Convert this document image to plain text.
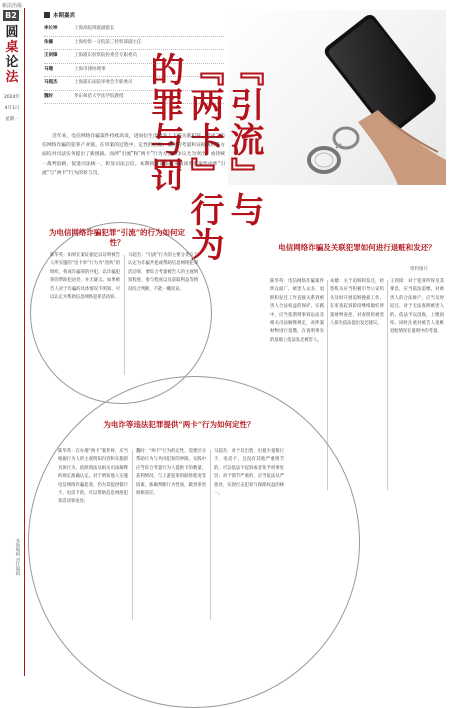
新法治报·
B2
圆
桌
论
法
2024年
4月1日
星期一
本版编辑 责任编辑
本期嘉宾
李长坤	上海高院刑庭副庭长
朱嫱	上海检察一分院第三检察部副主任
王剑锋	上海浦东检察院检委会专职委员
马珊	上海市律协理事
马超杰	上海浦东法院审委会专职委员
魏时	华东师范大学法学院教授
资料图片
『引流』与『两卡』行为的罪与罚
近年来，电信网络诈骗案件持续高发，进而衍生出诸多上下游关联犯罪，形成了电信网络诈骗的犯罪产业链。在审案的过程中，定性的把握，量刑的考量和证据规则等方面均对司法实务提出了新挑战。而涉“引流”和“两卡”行为方面的争议尤为突出，亟待统一裁判思路，促进司法统一，彰显司法公信。本期圆桌论法就来谈谈电诈案件中涉“引流”与“两卡”行为的罪与罚。
为电信网络诈骗犯罪“引流”的行为如何定性？
陈华英：如果在案证据足以证明被告人所实施的“送卡单”行为为“团伙”的组织，构成诈骗罪的共犯，以诈骗犯罪的帮助犯论处，并无疑义。如果被告人对于诈骗的具体情况不明知，可以认定为帮助信息网络犯罪活动罪。
马超杰：“引流”行为的主要分类在于认定为诈骗共犯或帮助信息网络犯罪活动罪，要综合考量被告人的主观明知程度、参与程度以及获取利益等情况综合判断，不能一概而论。
电信网络诈骗及关联犯罪如何进行退赃和发还？
陈华英：电信网络诈骗案件涉众面广，被害人众多，退赃和发还工作直接关系到被害人合法权益的保护。实践中，应当依照刑事诉讼法及相关司法解释规定，对涉案财物进行追缴，在查明事实的基础上依法发还被害人。
朱嫱：关于追赃和发还，检察机关应当积极引导公安机关及时开展追赃挽损工作，在审查起诉阶段继续做好涉案财物查控，对查明的被害人损失依法提出发还建议。
王剑锋：对于犯罪所得及其孳息，应当依法追缴，对被害人的合法财产，应当及时返还。对于无法查明被害人的，依法予以没收，上缴国库。同时注重对被告人退赃退赔情况在量刑中的考量。
为电诈等违法犯罪提供“两卡”行为如何定性？
陈华英：在办理“两卡”案件时，应当根据行为人的主观明知内容和实施的具体行为，依照刑法及相关司法解释的规定准确认定。对于明知他人实施电信网络诈骗犯罪，仍为其提供银行卡、电话卡的，可以帮助信息网络犯罪活动罪论处。
魏时：“两卡”行为的定性，需要区分帮助行为与共同犯罪的界限。实践中应当综合考量行为人提供卡的数量、获利情况、与上游犯罪的联络程度等因素，准确判断行为性质，做到罪责刑相适应。
马超杰：对于仅出售、出租少量银行卡、电话卡，且没有其他严重情节的，可以依法不起诉或者免予刑事处罚；对于情节严重的，应当依法从严惩处，实现打击犯罪与保障权益的统一。
